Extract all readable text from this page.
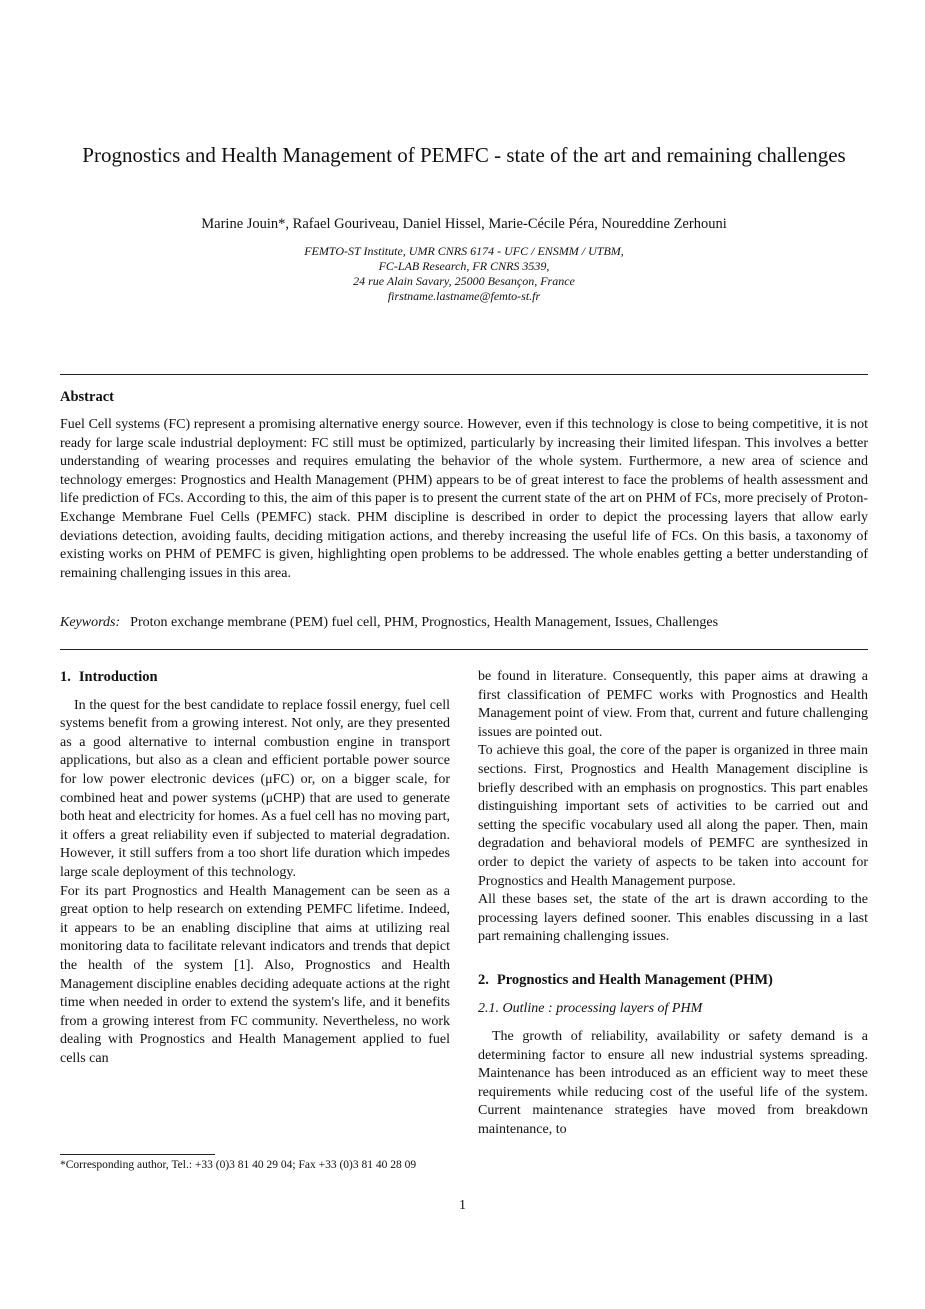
Prognostics and Health Management of PEMFC - state of the art and remaining challenges
Marine Jouin*, Rafael Gouriveau, Daniel Hissel, Marie-Cécile Péra, Noureddine Zerhouni
FEMTO-ST Institute, UMR CNRS 6174 - UFC / ENSMM / UTBM,
FC-LAB Research, FR CNRS 3539,
24 rue Alain Savary, 25000 Besançon, France
firstname.lastname@femto-st.fr
Abstract
Fuel Cell systems (FC) represent a promising alternative energy source. However, even if this technology is close to being competitive, it is not ready for large scale industrial deployment: FC still must be optimized, particularly by increasing their limited lifespan. This involves a better understanding of wearing processes and requires emulating the behavior of the whole system. Furthermore, a new area of science and technology emerges: Prognostics and Health Management (PHM) appears to be of great interest to face the problems of health assessment and life prediction of FCs. According to this, the aim of this paper is to present the current state of the art on PHM of FCs, more precisely of Proton-Exchange Membrane Fuel Cells (PEMFC) stack. PHM discipline is described in order to depict the processing layers that allow early deviations detection, avoiding faults, deciding mitigation actions, and thereby increasing the useful life of FCs. On this basis, a taxonomy of existing works on PHM of PEMFC is given, highlighting open problems to be addressed. The whole enables getting a better understanding of remaining challenging issues in this area.
Keywords: Proton exchange membrane (PEM) fuel cell, PHM, Prognostics, Health Management, Issues, Challenges
1. Introduction

In the quest for the best candidate to replace fossil energy, fuel cell systems benefit from a growing interest. Not only, are they presented as a good alternative to internal combustion engine in transport applications, but also as a clean and efficient portable power source for low power electronic devices (μFC) or, on a bigger scale, for combined heat and power systems (μCHP) that are used to generate both heat and electricity for homes. As a fuel cell has no moving part, it offers a great reliability even if subjected to material degradation. However, it still suffers from a too short life duration which impedes large scale deployment of this technology.

For its part Prognostics and Health Management can be seen as a great option to help research on extending PEMFC lifetime. Indeed, it appears to be an enabling discipline that aims at utilizing real monitoring data to facilitate relevant indicators and trends that depict the health of the system [1]. Also, Prognostics and Health Management discipline enables deciding adequate actions at the right time when needed in order to extend the system's life, and it benefits from a growing interest from FC community. Nevertheless, no work dealing with Prognostics and Health Management applied to fuel cells can

be found in literature. Consequently, this paper aims at drawing a first classification of PEMFC works with Prognostics and Health Management point of view. From that, current and future challenging issues are pointed out.

To achieve this goal, the core of the paper is organized in three main sections. First, Prognostics and Health Management discipline is briefly described with an emphasis on prognostics. This part enables distinguishing important sets of activities to be carried out and setting the specific vocabulary used all along the paper. Then, main degradation and behavioral models of PEMFC are synthesized in order to depict the variety of aspects to be taken into account for Prognostics and Health Management purpose.

All these bases set, the state of the art is drawn according to the processing layers defined sooner. This enables discussing in a last part remaining challenging issues.

2. Prognostics and Health Management (PHM)
2.1. Outline : processing layers of PHM

The growth of reliability, availability or safety demand is a determining factor to ensure all new industrial systems spreading. Maintenance has been introduced as an efficient way to meet these requirements while reducing cost of the useful life of the system. Current maintenance strategies have moved from breakdown maintenance, to

*Corresponding author, Tel.: +33 (0)3 81 40 29 04; Fax +33 (0)3 81 40 28 09
1
